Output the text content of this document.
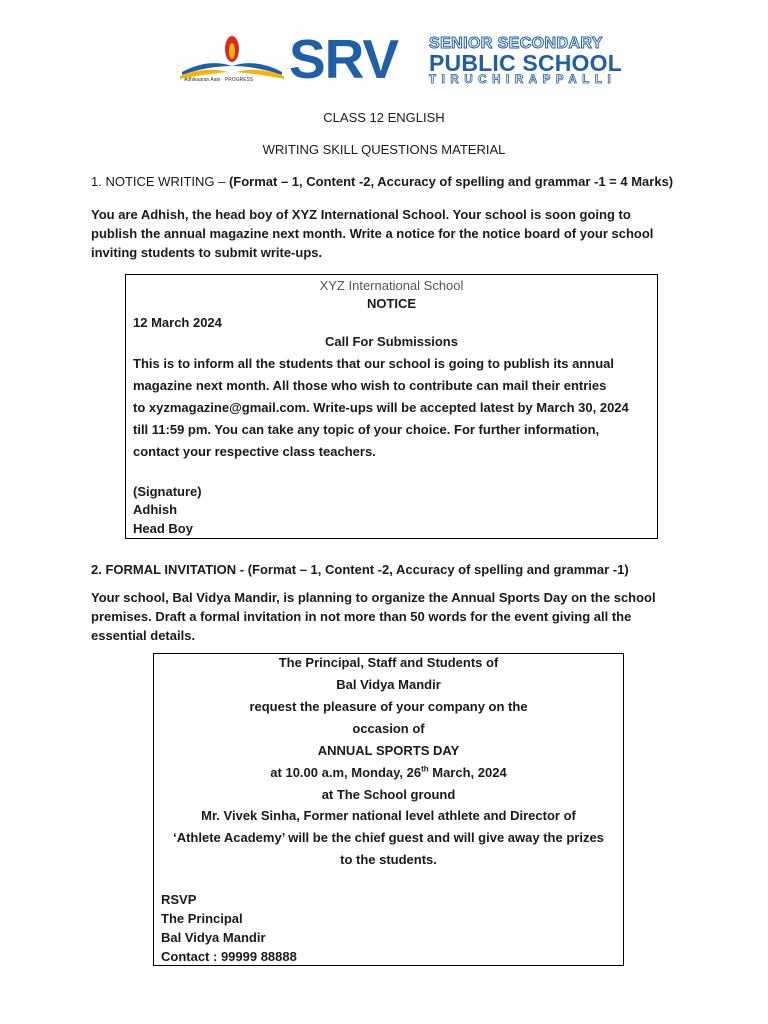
Adhikaaran Aani · PROGRESS SRV SENIOR SECONDARY
PUBLIC SCHOOL
TIRUCHIRAPPALLI
CLASS 12 ENGLISH
WRITING SKILL QUESTIONS MATERIAL
1. NOTICE WRITING – (Format – 1, Content -2, Accuracy of spelling and grammar -1 = 4 Marks)
You are Adhish, the head boy of XYZ International School. Your school is soon going to
publish the annual magazine next month. Write a notice for the notice board of your school
inviting students to submit write-ups.
XYZ International School
NOTICE
12 March 2024
Call For Submissions
This is to inform all the students that our school is going to publish its annual
magazine next month. All those who wish to contribute can mail their entries
to xyzmagazine@gmail.com. Write-ups will be accepted latest by March 30, 2024
till 11:59 pm. You can take any topic of your choice. For further information,
contact your respective class teachers.
(Signature)
Adhish
Head Boy
2. FORMAL INVITATION - (Format – 1, Content -2, Accuracy of spelling and grammar -1)
Your school, Bal Vidya Mandir, is planning to organize the Annual Sports Day on the school
premises. Draft a formal invitation in not more than 50 words for the event giving all the
essential details.
The Principal, Staff and Students of
Bal Vidya Mandir
request the pleasure of your company on the
occasion of
ANNUAL SPORTS DAY
at 10.00 a.m, Monday, 26th March, 2024
at The School ground
Mr. Vivek Sinha, Former national level athlete and Director of
‘Athlete Academy’ will be the chief guest and will give away the prizes
to the students.
RSVP
The Principal
Bal Vidya Mandir
Contact : 99999 88888
